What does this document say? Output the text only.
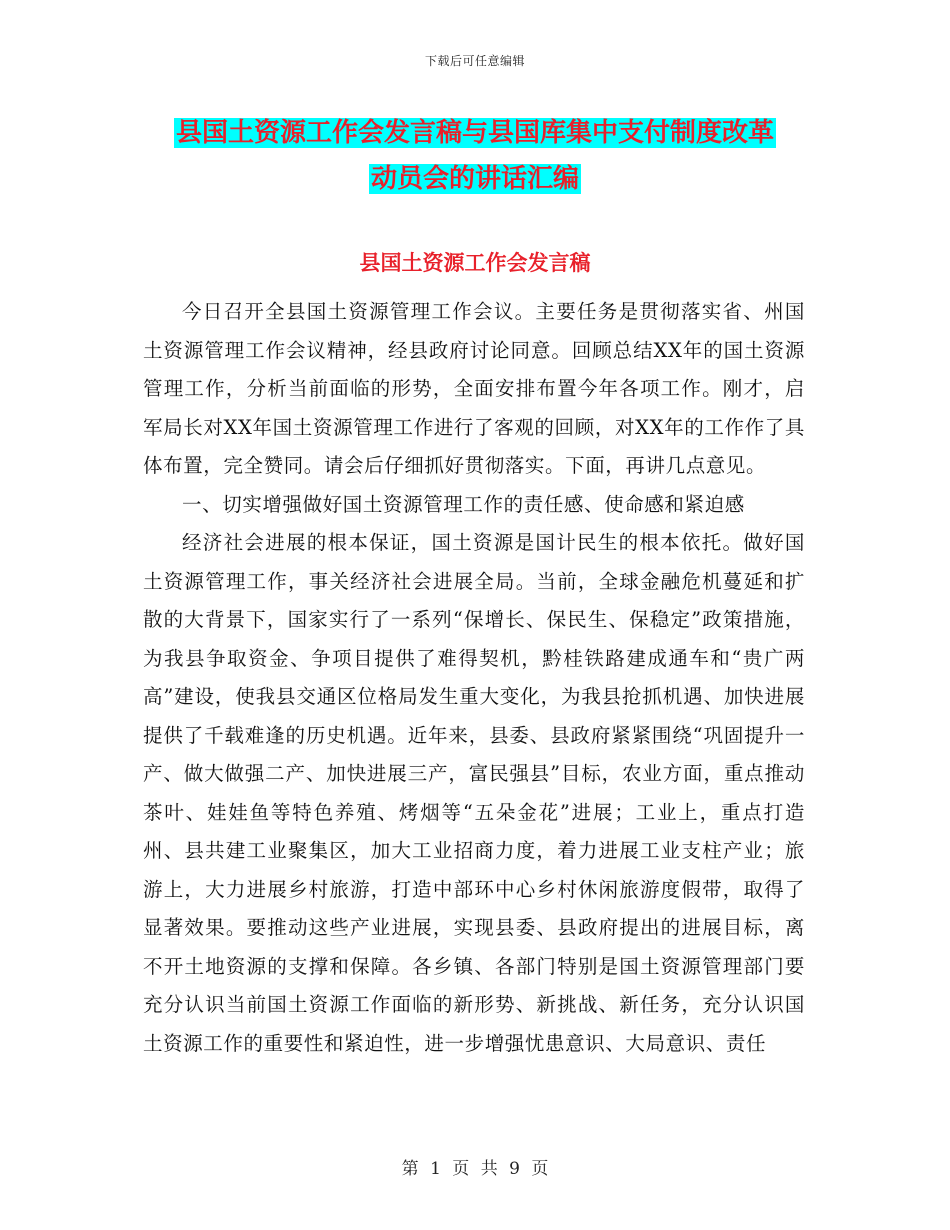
下载后可任意编辑
县国土资源工作会发言稿与县国库集中支付制度改革
动员会的讲话汇编
县国土资源工作会发言稿

今日召开全县国土资源管理工作会议。主要任务是贯彻落实省、州国土资源管理工作会议精神，经县政府讨论同意。回顾总结XX年的国土资源管理工作，分析当前面临的形势，全面安排布置今年各项工作。刚才，启军局长对XX年国土资源管理工作进行了客观的回顾，对XX年的工作作了具体布置，完全赞同。请会后仔细抓好贯彻落实。下面，再讲几点意见。

一、切实增强做好国土资源管理工作的责任感、使命感和紧迫感

经济社会进展的根本保证，国土资源是国计民生的根本依托。做好国土资源管理工作，事关经济社会进展全局。当前，全球金融危机蔓延和扩散的大背景下，国家实行了一系列“保增长、保民生、保稳定”政策措施，为我县争取资金、争项目提供了难得契机，黔桂铁路建成通车和“贵广两高”建设，使我县交通区位格局发生重大变化，为我县抢抓机遇、加快进展提供了千载难逢的历史机遇。近年来，县委、县政府紧紧围绕“巩固提升一产、做大做强二产、加快进展三产，富民强县”目标，农业方面，重点推动茶叶、娃娃鱼等特色养殖、烤烟等“五朵金花”进展；工业上，重点打造州、县共建工业聚集区，加大工业招商力度，着力进展工业支柱产业；旅游上，大力进展乡村旅游，打造中部环中心乡村休闲旅游度假带，取得了显著效果。要推动这些产业进展，实现县委、县政府提出的进展目标，离不开土地资源的支撑和保障。各乡镇、各部门特别是国土资源管理部门要充分认识当前国土资源工作面临的新形势、新挑战、新任务，充分认识国土资源工作的重要性和紧迫性，进一步增强忧患意识、大局意识、责任

第 1 页 共 9 页
